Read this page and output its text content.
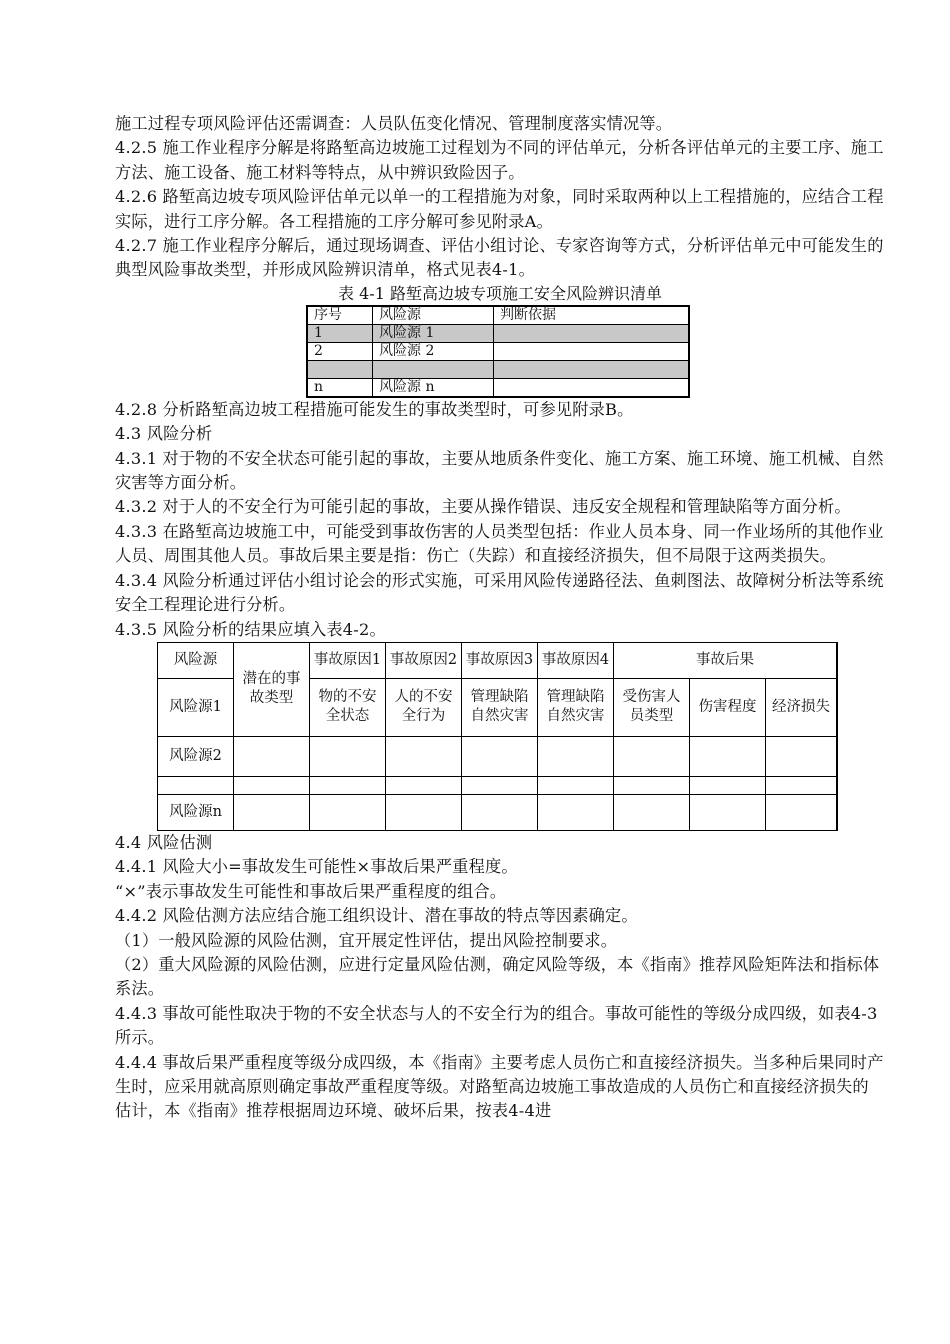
施工过程专项风险评估还需调查：人员队伍变化情况、管理制度落实情况等。

4.2.5 施工作业程序分解是将路堑高边坡施工过程划为不同的评估单元，分析各评估单元的主要工序、施工方法、施工设备、施工材料等特点，从中辨识致险因子。

4.2.6 路堑高边坡专项风险评估单元以单一的工程措施为对象，同时采取两种以上工程措施的，应结合工程实际，进行工序分解。各工程措施的工序分解可参见附录A。

4.2.7 施工作业程序分解后，通过现场调查、评估小组讨论、专家咨询等方式，分析评估单元中可能发生的典型风险事故类型，并形成风险辨识清单，格式见表4-1。

表 4-1 路堑高边坡专项施工安全风险辨识清单

序号	风险源	判断依据
1	风险源 1	
2	风险源 2	

n	风险源 n	

4.2.8 分析路堑高边坡工程措施可能发生的事故类型时，可参见附录B。

4.3 风险分析

4.3.1 对于物的不安全状态可能引起的事故，主要从地质条件变化、施工方案、施工环境、施工机械、自然灾害等方面分析。

4.3.2 对于人的不安全行为可能引起的事故，主要从操作错误、违反安全规程和管理缺陷等方面分析。

4.3.3 在路堑高边坡施工中，可能受到事故伤害的人员类型包括：作业人员本身、同一作业场所的其他作业人员、周围其他人员。事故后果主要是指：伤亡（失踪）和直接经济损失，但不局限于这两类损失。

4.3.4 风险分析通过评估小组讨论会的形式实施，可采用风险传递路径法、鱼刺图法、故障树分析法等系统安全工程理论进行分析。

4.3.5 风险分析的结果应填入表4-2。

风险源	潜在的事故类型	事故原因1	事故原因2	事故原因3	事故原因4	事故后果		
风险源1		物的不安全状态	人的不安全行为	管理缺陷自然灾害	管理缺陷自然灾害	受伤害人员类型	伤害程度	经济损失
风险源2								

风险源n								

4.4 风险估测

4.4.1 风险大小=事故发生可能性×事故后果严重程度。

“×”表示事故发生可能性和事故后果严重程度的组合。

4.4.2 风险估测方法应结合施工组织设计、潜在事故的特点等因素确定。

（1）一般风险源的风险估测，宜开展定性评估，提出风险控制要求。

（2）重大风险源的风险估测，应进行定量风险估测，确定风险等级，本《指南》推荐风险矩阵法和指标体系法。

4.4.3 事故可能性取决于物的不安全状态与人的不安全行为的组合。事故可能性的等级分成四级，如表4-3所示。

4.4.4 事故后果严重程度等级分成四级，本《指南》主要考虑人员伤亡和直接经济损失。当多种后果同时产生时，应采用就高原则确定事故严重程度等级。对路堑高边坡施工事故造成的人员伤亡和直接经济损失的估计，本《指南》推荐根据周边环境、破坏后果，按表4-4进
